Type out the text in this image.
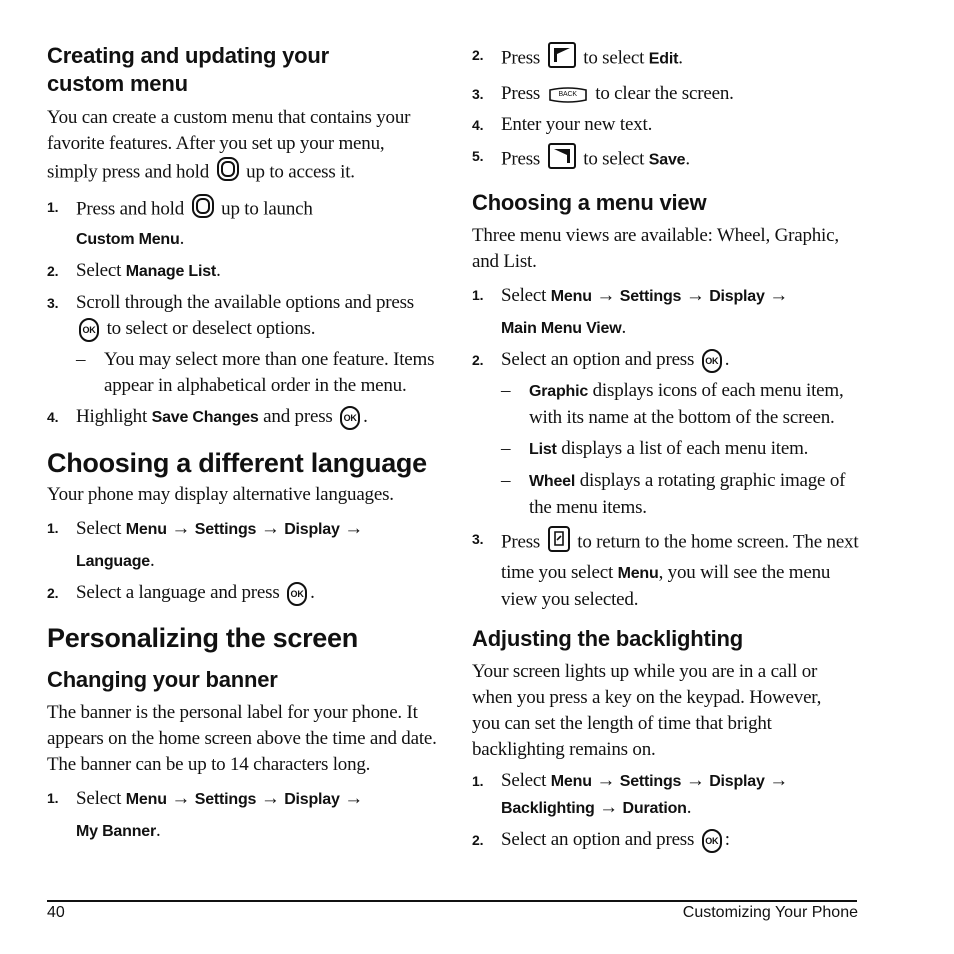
Creating and updating your custom menu

You can create a custom menu that contains your favorite features. After you set up your menu, simply press and hold up to access it.

1. Press and hold up to launch
Custom Menu.
2. Select Manage List.
3. Scroll through the available options and press
OK to select or deselect options.
– You may select more than one feature. Items appear in alphabetical order in the menu.
4. Highlight Save Changes and press OK .
Choosing a different language

Your phone may display alternative languages.

1. Select Menu → Settings → Display →
Language.
2. Select a language and press OK .
Personalizing the screen
Changing your banner

The banner is the personal label for your phone. It appears on the home screen above the time and date. The banner can be up to 14 characters long.

1. Select Menu → Settings → Display →
My Banner.
2. Press to select Edit.
3. Press	BACK to clear the screen.
4. Enter your new text.
5. Press to select Save.
Choosing a menu view

Three menu views are available: Wheel, Graphic, and List.

1. Select Menu → Settings → Display →
Main Menu View.
2. Select an option and press OK .
– Graphic displays icons of each menu item, with its name at the bottom of the screen.
– List displays a list of each menu item.
– Wheel displays a rotating graphic image of the menu items.
3. Press to return to the home screen. The next time you select Menu, you will see the menu view you selected.
Adjusting the backlighting

Your screen lights up while you are in a call or when you press a key on the keypad. However, you can set the length of time that bright backlighting remains on.

1. Select Menu → Settings → Display →
Backlighting → Duration.
2. Select an option and press OK :
40	Customizing Your Phone
